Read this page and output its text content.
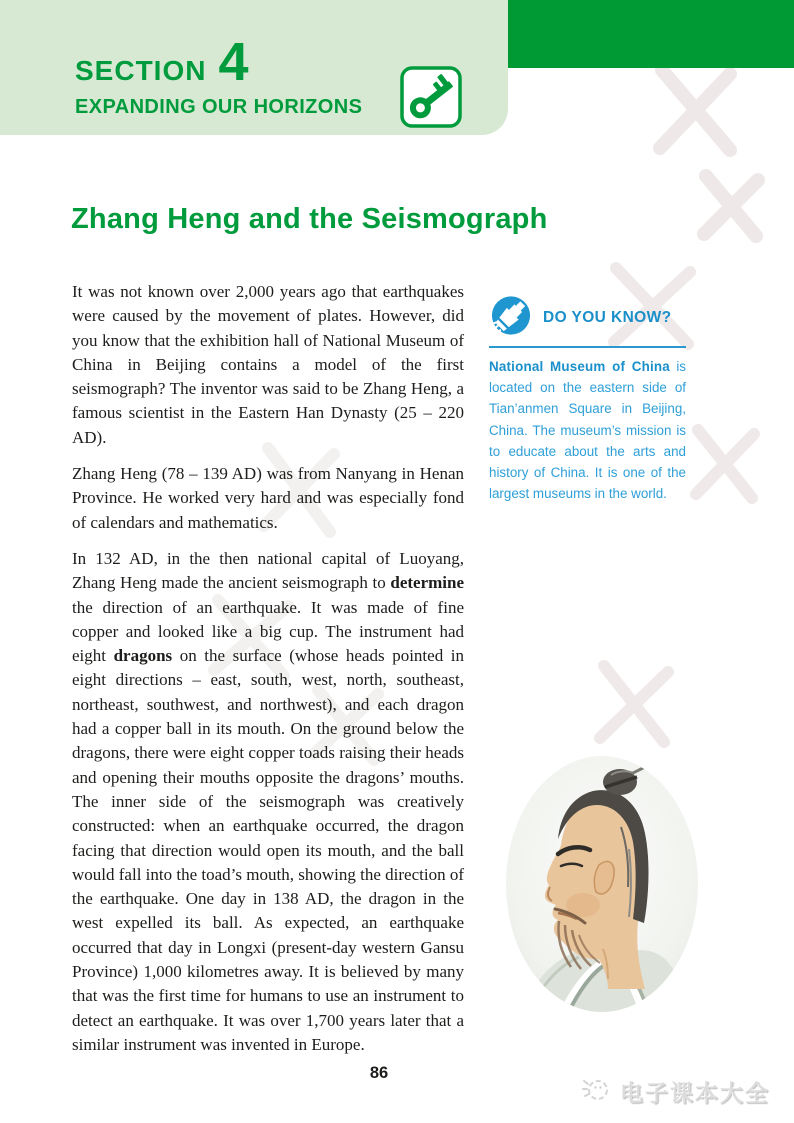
SECTION 4
EXPANDING OUR HORIZONS
Zhang Heng and the Seismograph

It was not known over 2,000 years ago that earthquakes were caused by the movement of plates. However, did you know that the exhibition hall of National Museum of China in Beijing contains a model of the first seismograph? The inventor was said to be Zhang Heng, a famous scientist in the Eastern Han Dynasty (25 – 220 AD).

Zhang Heng (78 – 139 AD) was from Nanyang in Henan Province. He worked very hard and was especially fond of calendars and mathematics.

In 132 AD, in the then national capital of Luoyang, Zhang Heng made the ancient seismograph to determine the direction of an earthquake. It was made of fine copper and looked like a big cup. The instrument had eight dragons on the surface (whose heads pointed in eight directions – east, south, west, north, southeast, northeast, southwest, and northwest), and each dragon had a copper ball in its mouth. On the ground below the dragons, there were eight copper toads raising their heads and opening their mouths opposite the dragons’ mouths. The inner side of the seismograph was creatively constructed: when an earthquake occurred, the dragon facing that direction would open its mouth, and the ball would fall into the toad’s mouth, showing the direction of the earthquake. One day in 138 AD, the dragon in the west expelled its ball. As expected, an earthquake occurred that day in Longxi (present-day western Gansu Province) 1,000 kilometres away. It is believed by many that was the first time for humans to use an instrument to detect an earthquake. It was over 1,700 years later that a similar instrument was invented in Europe.

DO YOU KNOW?

National Museum of China is located on the eastern side of Tian’anmen Square in Beijing, China. The museum’s mission is to educate about the arts and history of China. It is one of the largest museums in the world.

86
电子课本大全
